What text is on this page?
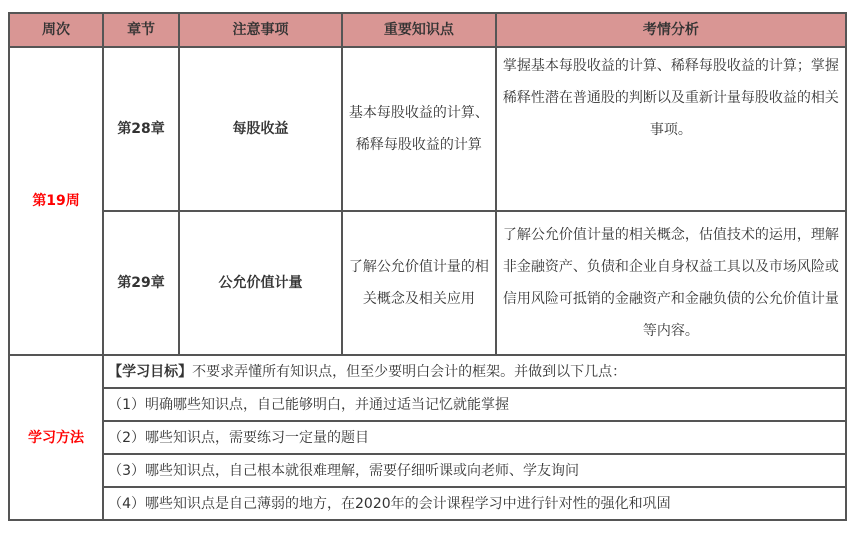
周次	章节	注意事项	重要知识点	考情分析
第19周	第28章	每股收益	基本每股收益的计算、稀释每股收益的计算	掌握基本每股收益的计算、稀释每股收益的计算；掌握稀释性潜在普通股的判断以及重新计量每股收益的相关事项。
	第29章	公允价值计量	了解公允价值计量的相关概念及相关应用	了解公允价值计量的相关概念，估值技术的运用，理解非金融资产、负债和企业自身权益工具以及市场风险或信用风险可抵销的金融资产和金融负债的公允价值计量等内容。
学习方法	【学习目标】不要求弄懂所有知识点，但至少要明白会计的框架。并做到以下几点：			
	（1）明确哪些知识点，自己能够明白，并通过适当记忆就能掌握			
	（2）哪些知识点，需要练习一定量的题目			
	（3）哪些知识点，自己根本就很难理解，需要仔细听课或向老师、学友询问			
	（4）哪些知识点是自己薄弱的地方，在2020年的会计课程学习中进行针对性的强化和巩固			
